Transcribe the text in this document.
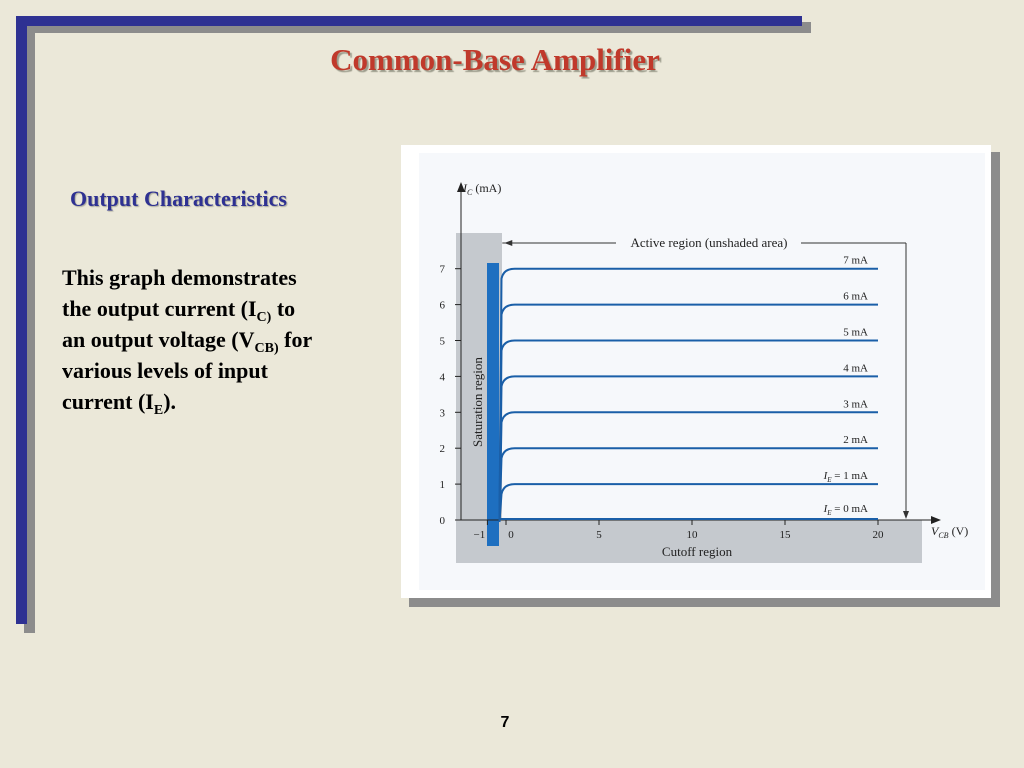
Common-Base Amplifier
Output Characteristics
This graph demonstrates
the output current ($I_{C)}$ to
an output voltage ($V_{CB)}$ for
various levels of input
current $(I_E)$.
0
1
2
3
4
5
6
7
−1 0	5	10	15	20
$I_C$ (mA)
$V_{CB}$ (V)
Active region (unshaded area)
Saturation region
Cutoff region
$I_E = 0$ mA
$I_E = 1$ mA
2 mA
3 mA
4 mA
5 mA
6 mA
7 mA
7
